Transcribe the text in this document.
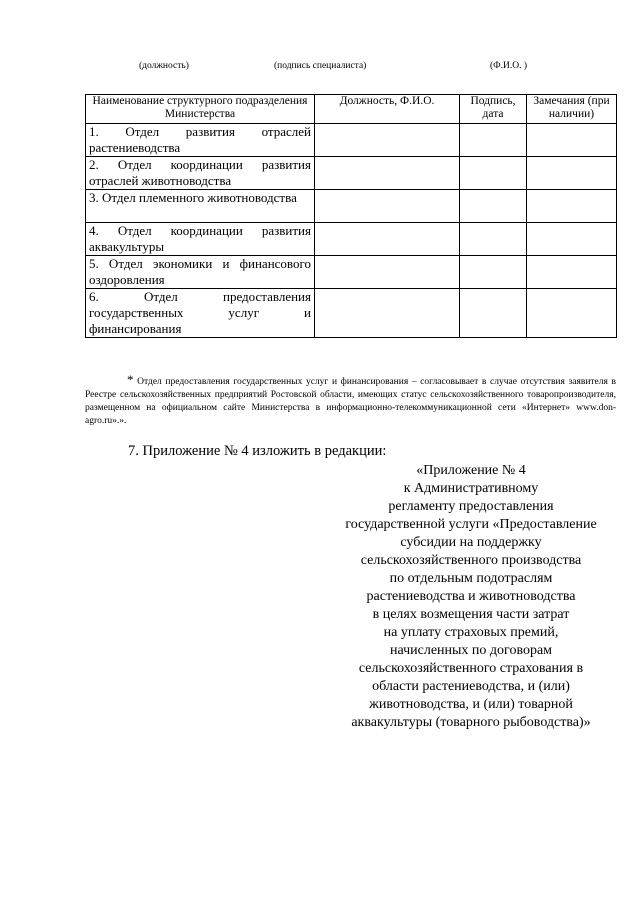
(должность)	(подпись специалиста)	(Ф.И.О. )
Наименование структурного подразделения Министерства	Должность, Ф.И.О.	Подпись, дата	Замечания (при наличии)
1. Отдел развития отраслей растениеводства			
2. Отдел координации развития отраслей животноводства			
3. Отдел племенного животноводства			
4. Отдел координации развития аквакультуры			
5. Отдел экономики и финансового оздоровления			
6. Отдел предоставления государственных услуг и финансирования			
* Отдел предоставления государственных услуг и финансирования – согласовывает в случае отсутствия заявителя в Реестре сельскохозяйственных предприятий Ростовской области, имеющих статус сельскохозяйственного товаропроизводителя, размещенном на официальном сайте Министерства в информационно-телекоммуникационной сети «Интернет» www.don-agro.ru».».
7. Приложение № 4 изложить в редакции:
«Приложение № 4
к Административному
регламенту предоставления
государственной услуги «Предоставление
субсидии на поддержку
сельскохозяйственного производства
по отдельным подотраслям
растениеводства и животноводства
в целях возмещения части затрат
на уплату страховых премий,
начисленных по договорам
сельскохозяйственного страхования в
области растениеводства, и (или)
животноводства, и (или) товарной
аквакультуры (товарного рыбоводства)»
